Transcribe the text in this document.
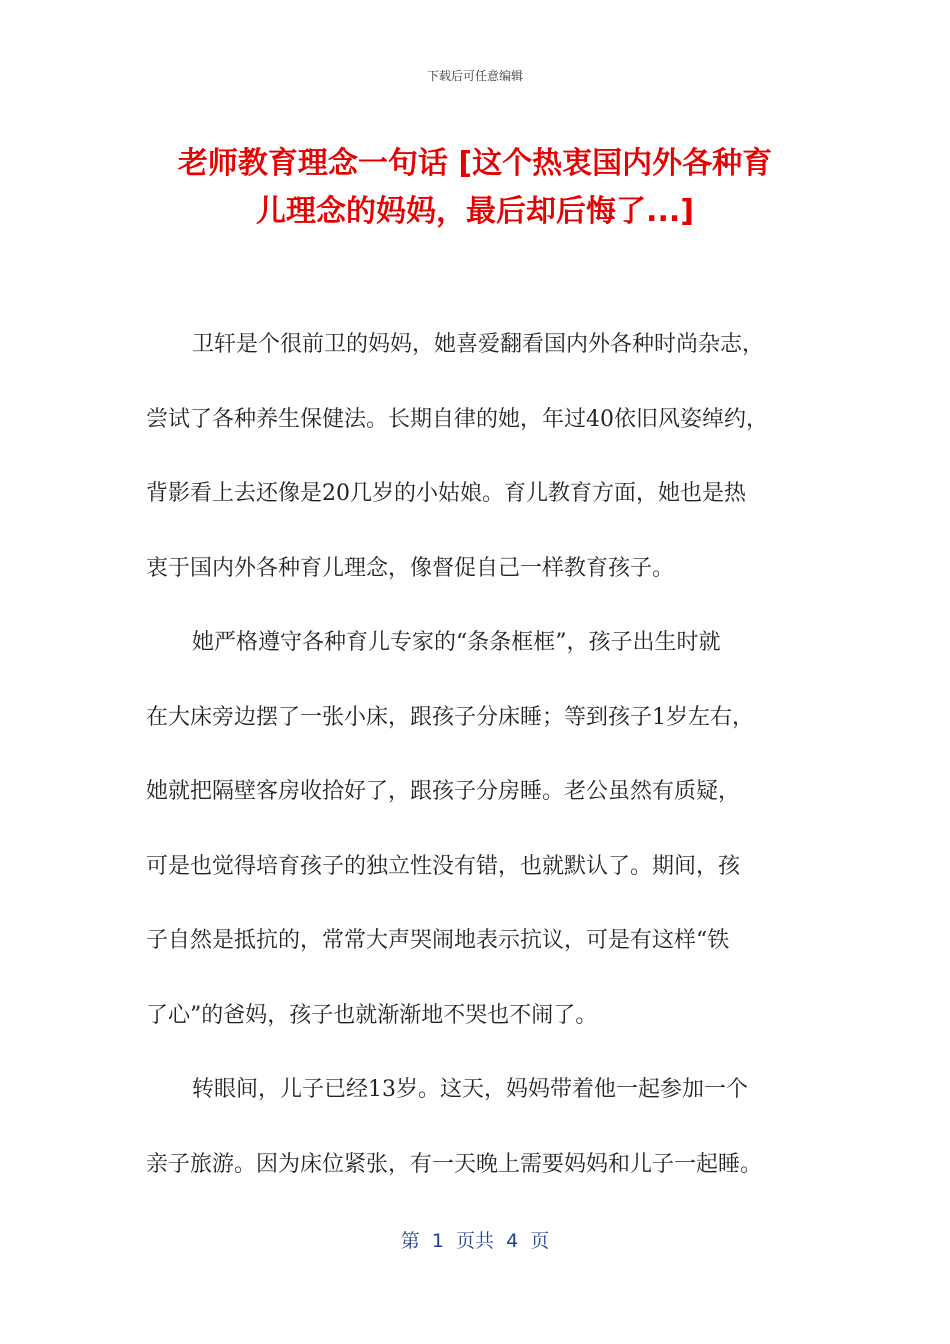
下载后可任意编辑
老师教育理念一句话 [这个热衷国内外各种育
儿理念的妈妈，最后却后悔了...]
卫轩是个很前卫的妈妈，她喜爱翻看国内外各种时尚杂志，
尝试了各种养生保健法。长期自律的她，年过40依旧风姿绰约，
背影看上去还像是20几岁的小姑娘。育儿教育方面，她也是热
衷于国内外各种育儿理念，像督促自己一样教育孩子。
她严格遵守各种育儿专家的“条条框框”，孩子出生时就
在大床旁边摆了一张小床，跟孩子分床睡；等到孩子1岁左右，
她就把隔壁客房收拾好了，跟孩子分房睡。老公虽然有质疑，
可是也觉得培育孩子的独立性没有错，也就默认了。期间，孩
子自然是抵抗的，常常大声哭闹地表示抗议，可是有这样“铁
了心”的爸妈，孩子也就渐渐地不哭也不闹了。
转眼间，儿子已经13岁。这天，妈妈带着他一起参加一个
亲子旅游。因为床位紧张，有一天晚上需要妈妈和儿子一起睡。
第  1  页共  4  页
